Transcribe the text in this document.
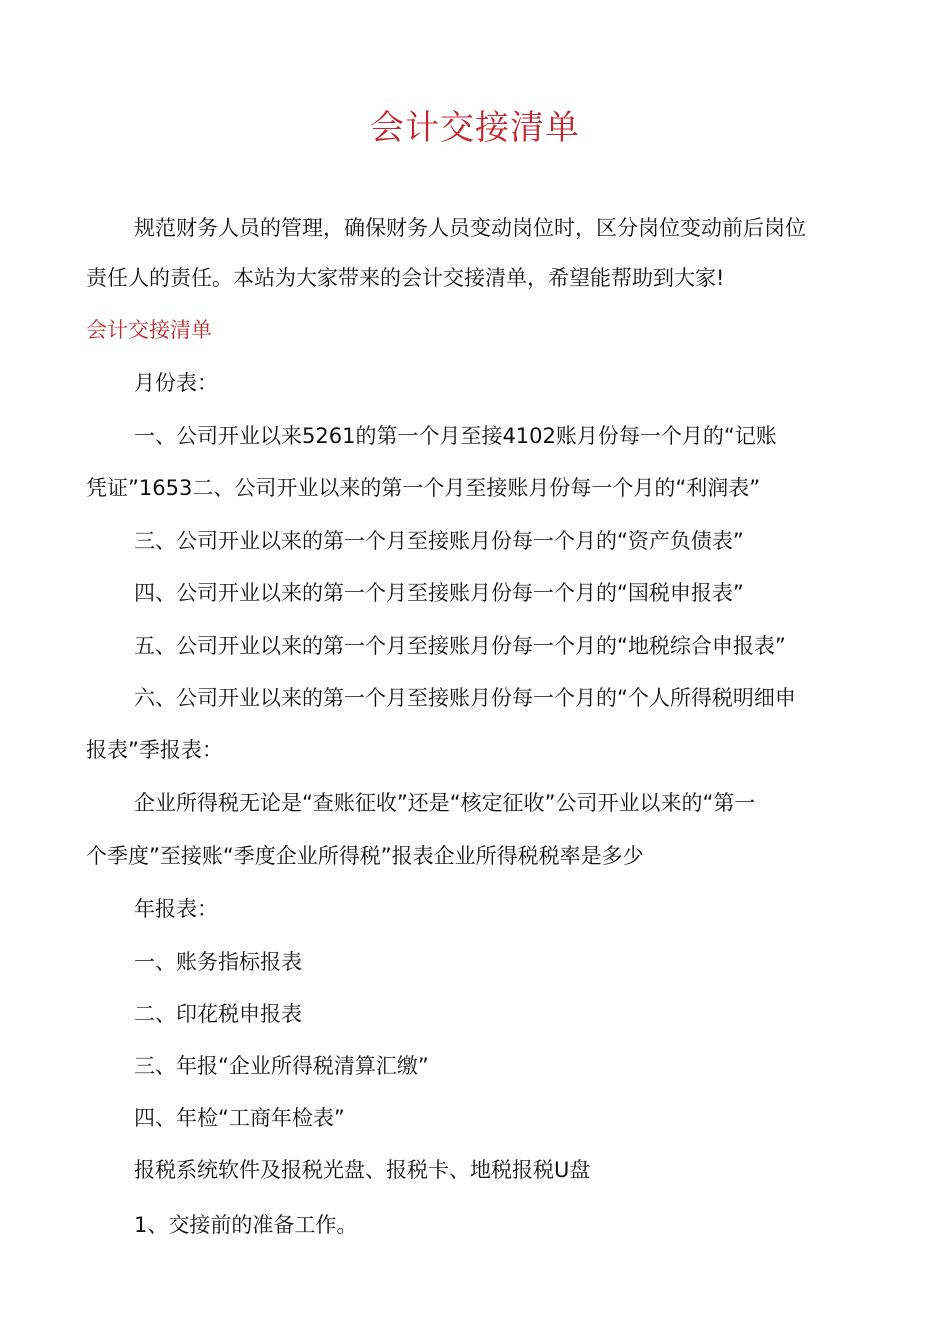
会计交接清单

规范财务人员的管理，确保财务人员变动岗位时，区分岗位变动前后岗位

责任人的责任。本站为大家带来的会计交接清单，希望能帮助到大家!

会计交接清单

月份表：

一、公司开业以来5261的第一个月至接4102账月份每一个月的“记账

凭证”1653二、公司开业以来的第一个月至接账月份每一个月的“利润表”

三、公司开业以来的第一个月至接账月份每一个月的“资产负债表”

四、公司开业以来的第一个月至接账月份每一个月的“国税申报表”

五、公司开业以来的第一个月至接账月份每一个月的“地税综合申报表”

六、公司开业以来的第一个月至接账月份每一个月的“个人所得税明细申

报表”季报表：

企业所得税无论是“查账征收”还是“核定征收”公司开业以来的“第一

个季度”至接账“季度企业所得税”报表企业所得税税率是多少

年报表：

一、账务指标报表

二、印花税申报表

三、年报“企业所得税清算汇缴”

四、年检“工商年检表”

报税系统软件及报税光盘、报税卡、地税报税U盘

1、交接前的准备工作。
